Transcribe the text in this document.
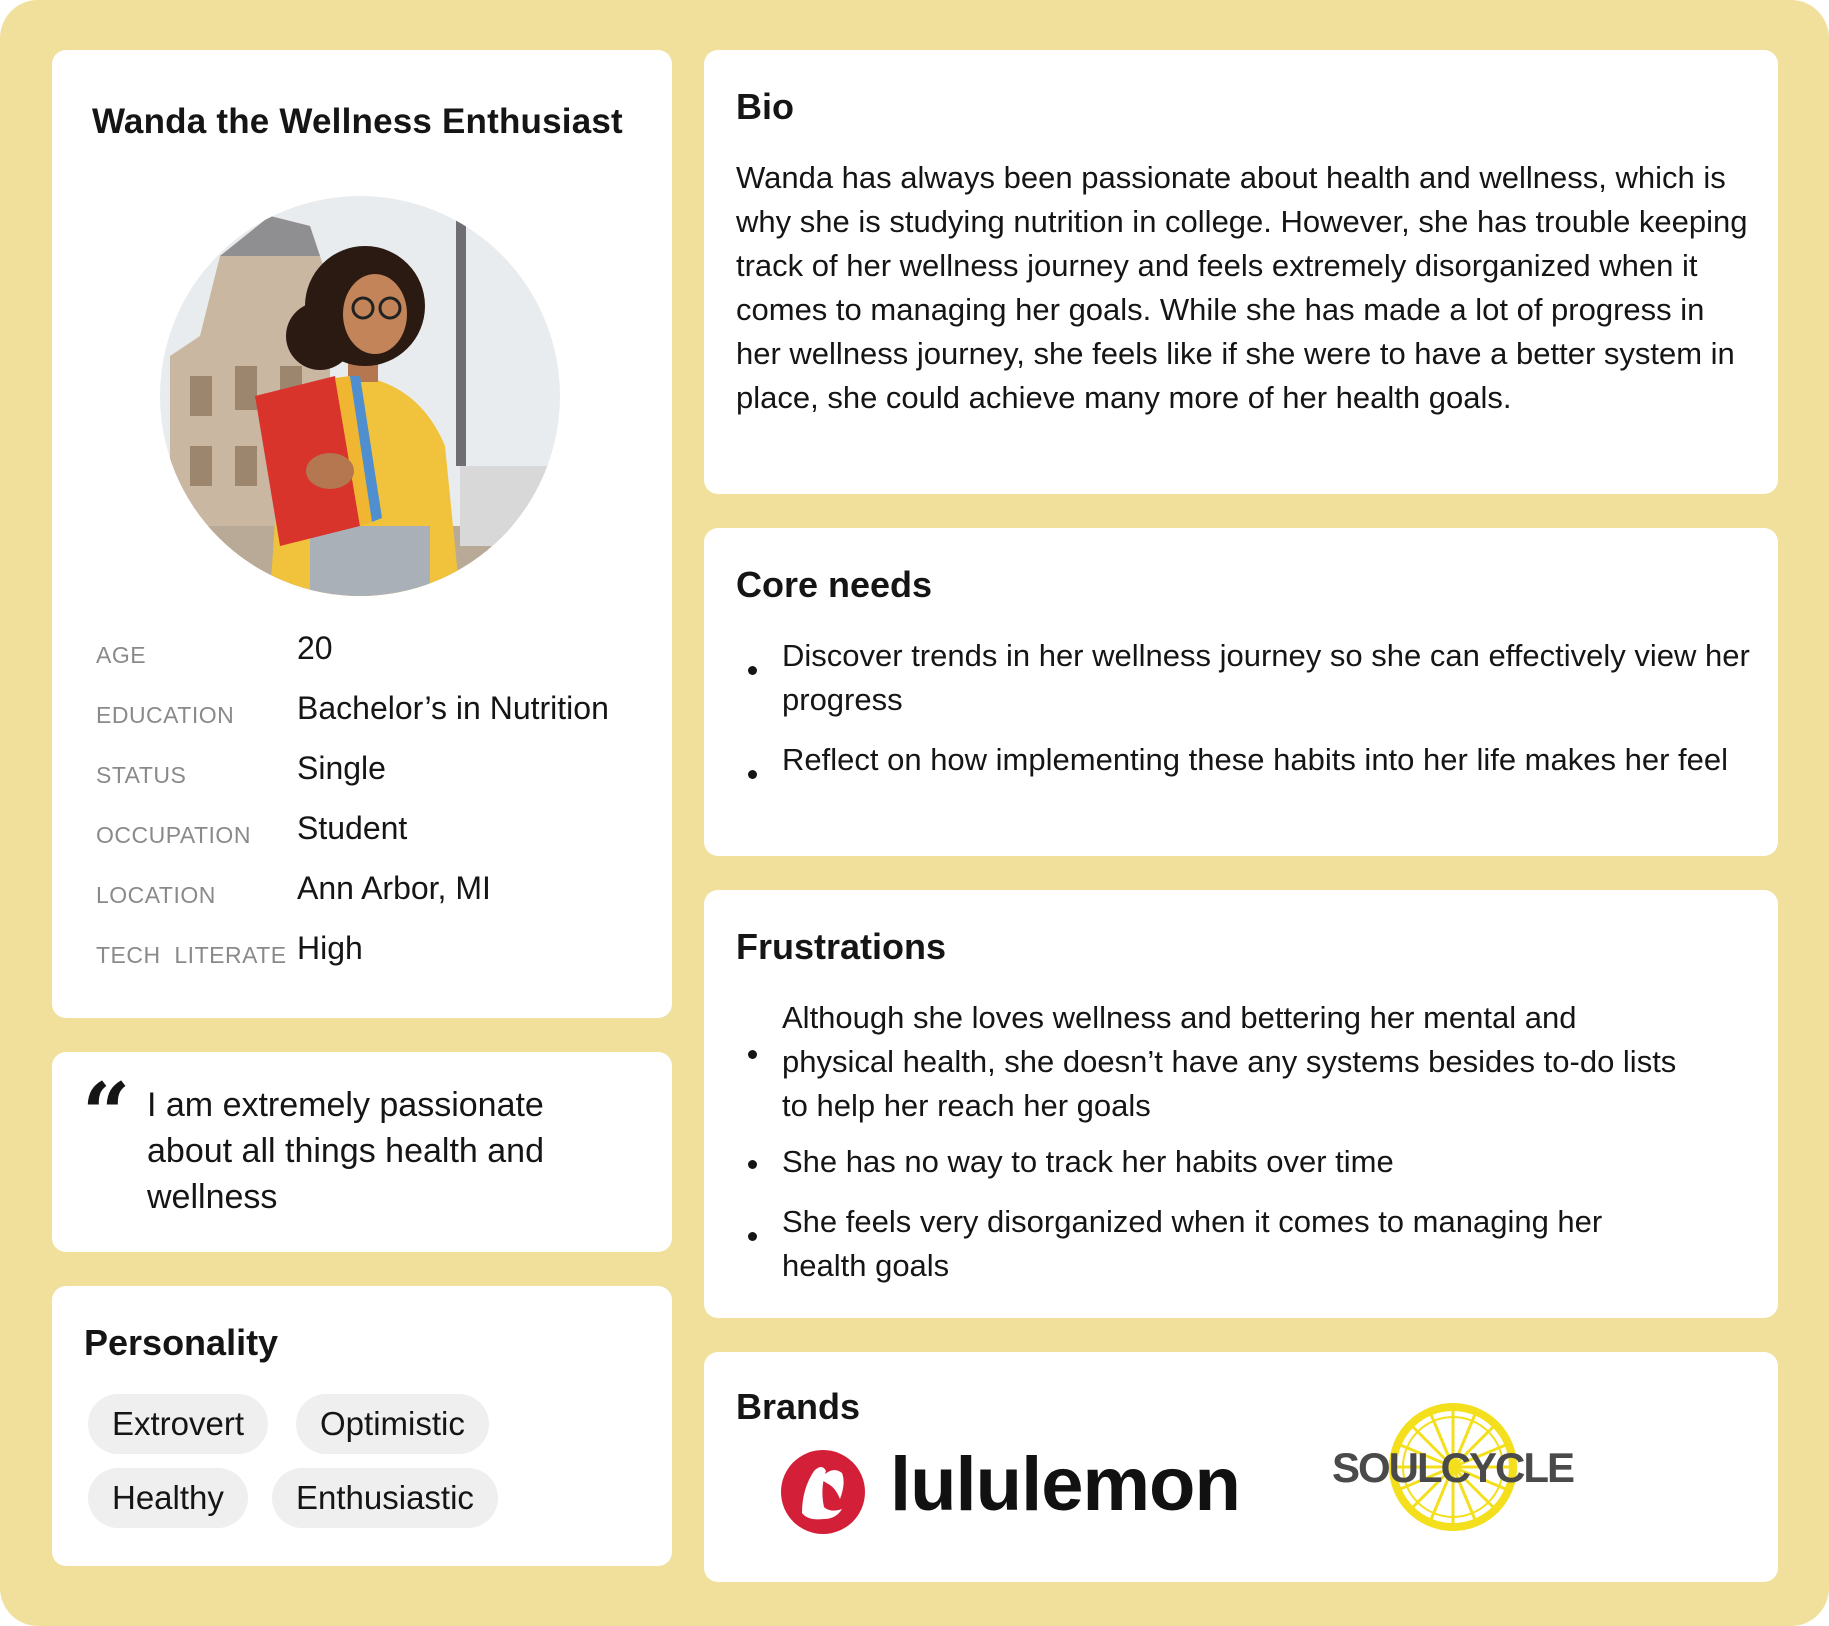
Wanda the Wellness Enthusiast
AGE	20
EDUCATION Bachelor’s in Nutrition
STATUS	Single
OCCUPATION Student
LOCATION	Ann Arbor, MI
TECH  LITERATE High
“ I am extremely passionate about all things health and wellness
Personality
Extrovert	Optimistic
Healthy	Enthusiastic
Bio
Wanda has always been passionate about health and wellness, which is why she is studying nutrition in college. However, she has trouble keeping track of her wellness journey and feels extremely disorganized when it comes to managing her goals. While she has made a lot of progress in her wellness journey, she feels like if she were to have a better system in place, she could achieve many more of her health goals.
Core needs
Discover trends in her wellness journey so she can effectively view her progress
Reflect on how implementing these habits into her life makes her feel
Frustrations
Although she loves wellness and bettering her mental and physical health, she doesn’t have any systems besides to-do lists to help her reach her goals
She has no way to track her habits over time
She feels very disorganized when it comes to managing her health goals
Brands
lululemon SOULCYCLE
